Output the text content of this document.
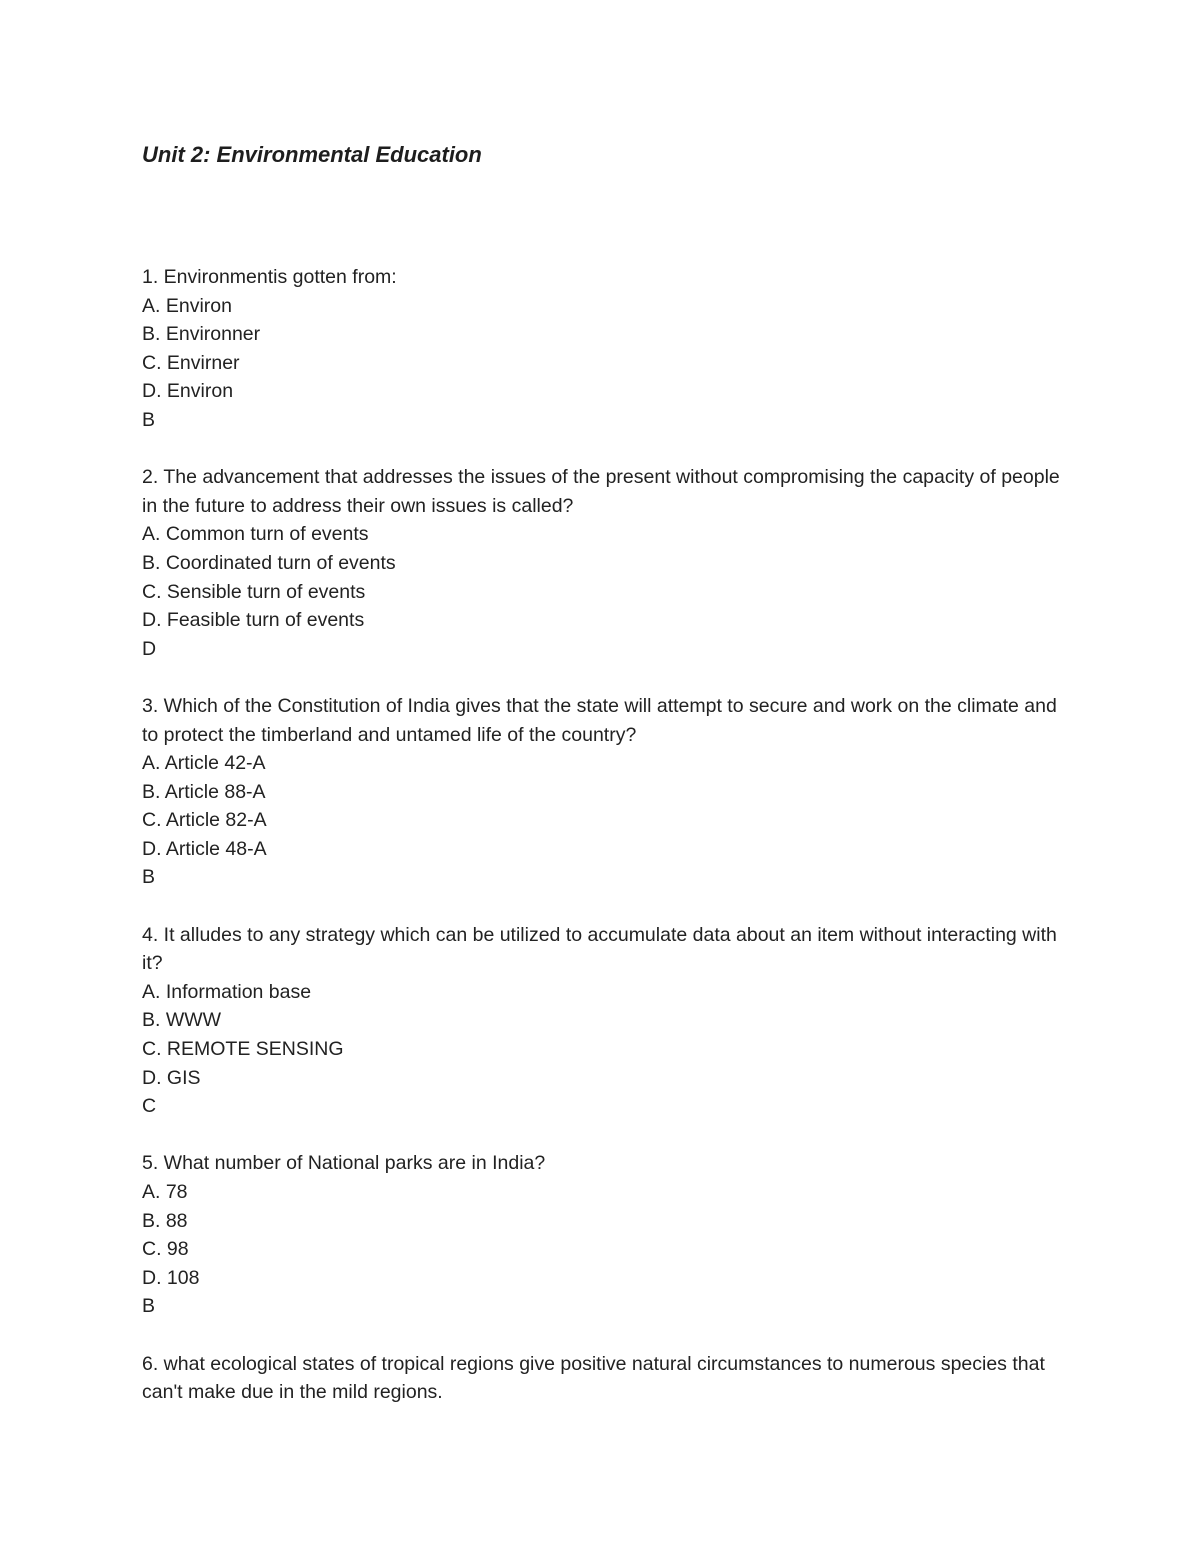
Unit 2: Environmental Education

1. Environmentis gotten from:

A. Environ

B. Environner

C. Envirner

D. Environ

B

2. The advancement that addresses the issues of the present without compromising the capacity of people in the future to address their own issues is called?

A. Common turn of events

B. Coordinated turn of events

C. Sensible turn of events

D. Feasible turn of events

D

3. Which of the Constitution of India gives that the state will attempt to secure and work on the climate and to protect the timberland and untamed life of the country?

A. Article 42-A

B. Article 88-A

C. Article 82-A

D. Article 48-A

B

4. It alludes to any strategy which can be utilized to accumulate data about an item without interacting with it?

A. Information base

B. WWW

C. REMOTE SENSING

D. GIS

C

5. What number of National parks are in India?

A. 78

B. 88

C. 98

D. 108

B

6. what ecological states of tropical regions give positive natural circumstances to numerous species that can't make due in the mild regions.
